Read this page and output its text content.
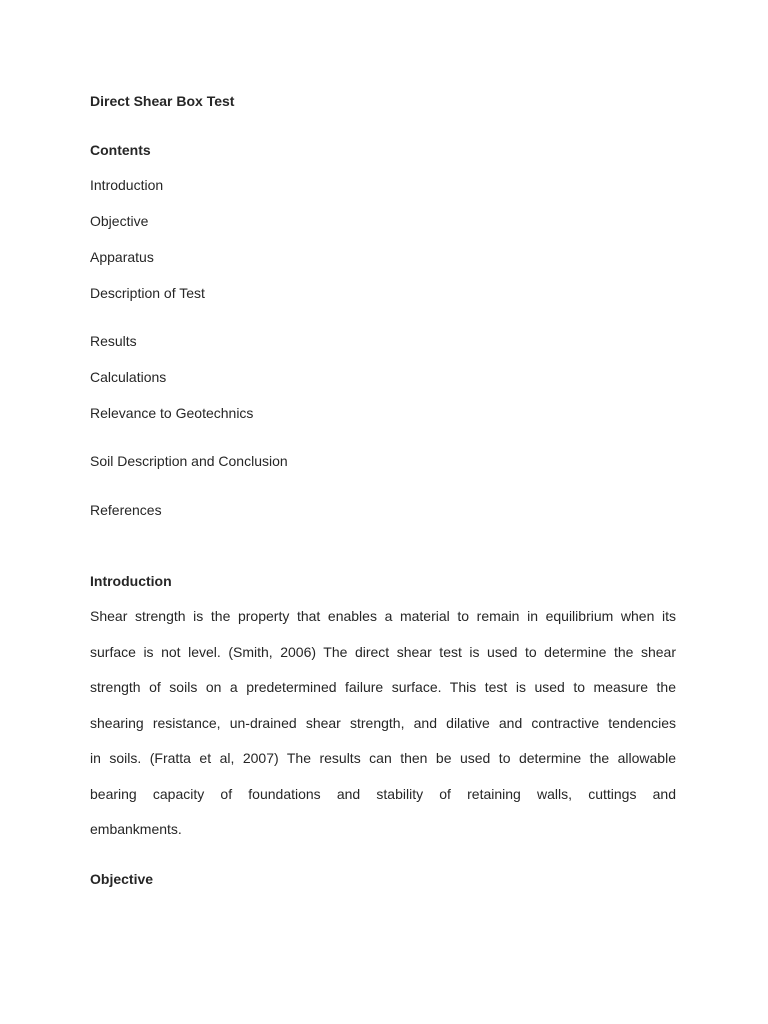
Direct Shear Box Test
Contents
Introduction
Objective
Apparatus
Description of Test
Results
Calculations
Relevance to Geotechnics
Soil Description and Conclusion
References
Introduction
Shear strength is the property that enables a material to remain in equilibrium when its
surface is not level. (Smith, 2006) The direct shear test is used to determine the shear
strength of soils on a predetermined failure surface. This test is used to measure the
shearing resistance, un-drained shear strength, and dilative and contractive tendencies
in soils. (Fratta et al, 2007) The results can then be used to determine the allowable
bearing capacity of foundations and stability of retaining walls, cuttings and
embankments.
Objective
